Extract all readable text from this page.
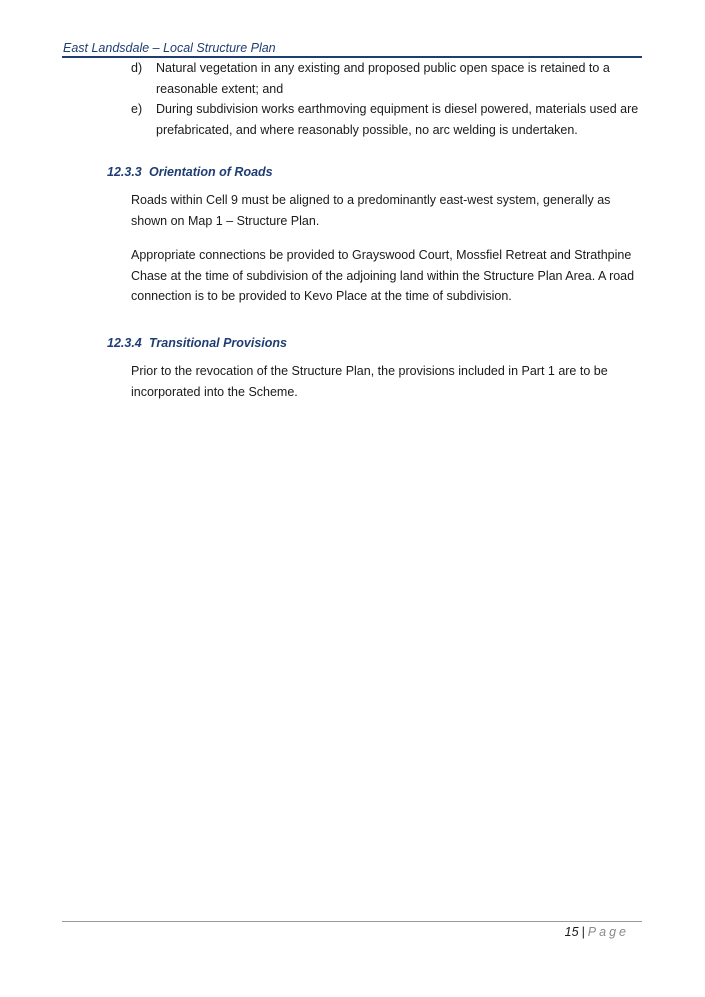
East Landsdale – Local Structure Plan
d)	Natural vegetation in any existing and proposed public open space is retained to a reasonable extent; and
e)	During subdivision works earthmoving equipment is diesel powered, materials used are prefabricated, and where reasonably possible, no arc welding is undertaken.
12.3.3 Orientation of Roads

Roads within Cell 9 must be aligned to a predominantly east-west system, generally as shown on Map 1 – Structure Plan.

Appropriate connections be provided to Grayswood Court, Mossfiel Retreat and Strathpine Chase at the time of subdivision of the adjoining land within the Structure Plan Area. A road connection is to be provided to Kevo Place at the time of subdivision.

12.3.4 Transitional Provisions

Prior to the revocation of the Structure Plan, the provisions included in Part 1 are to be incorporated into the Scheme.

15 | Page
